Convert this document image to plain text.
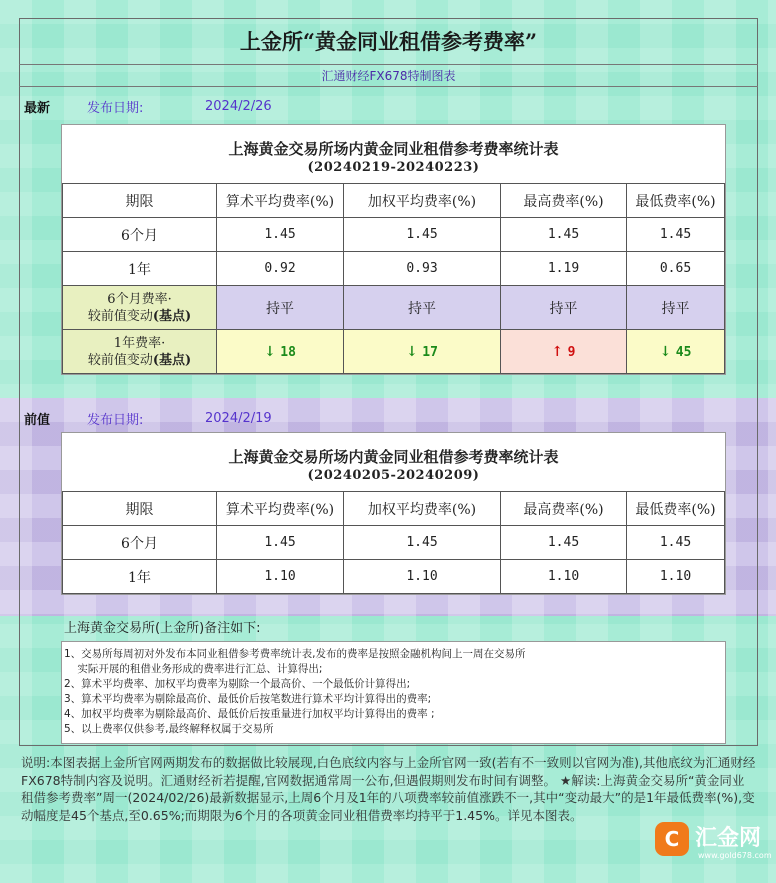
上金所“黄金同业租借参考费率”
汇通财经FX678特制图表
最新	发布日期:	2024/2/26
上海黄金交易所场内黄金同业租借参考费率统计表
(20240219-20240223)
期限	算术平均费率(%)	加权平均费率(%)	最高费率(%)	最低费率(%)
6个月	1.45	1.45	1.45	1.45
1年	0.92	0.93	1.19	0.65

6个月费率·
较前值变动(基点)	持平	持平	持平	持平

1年费率·
较前值变动(基点)	↓ 18	↓ 17	↑ 9	↓ 45
前值	发布日期:	2024/2/19
上海黄金交易所场内黄金同业租借参考费率统计表
(20240205-20240209)
期限	算术平均费率(%)	加权平均费率(%)	最高费率(%)	最低费率(%)
6个月	1.45	1.45	1.45	1.45
1年	1.10	1.10	1.10	1.10
上海黄金交易所(上金所)备注如下:

1、交易所每周初对外发布本同业租借参考费率统计表,发布的费率是按照金融机构间上一周在交易所

实际开展的租借业务形成的费率进行汇总、计算得出;

2、算术平均费率、加权平均费率为剔除一个最高价、一个最低价计算得出;

3、算术平均费率为剔除最高价、最低价后按笔数进行算术平均计算得出的费率;

4、加权平均费率为剔除最高价、最低价后按重量进行加权平均计算得出的费率 ;

5、以上费率仅供参考,最终解释权属于交易所

说明:本图表据上金所官网两期发布的数据做比较展现,白色底纹内容与上金所官网一致(若有不一致则以官网为准),其他底纹为汇通财经FX678特制内容及说明。汇通财经祈若提醒,官网数据通常周一公布,但遇假期则发布时间有调整。 ★解读:上海黄金交易所“黄金同业租借参考费率”周一(2024/02/26)最新数据显示,上周6个月及1年的八项费率较前值涨跌不一,其中“变动最大”的是1年最低费率(%),变动幅度是45个基点,至0.65%;而期限为6个月的各项黄金同业租借费率均持平于1.45%。详见本图表。
C 汇金网
www.gold678.com
